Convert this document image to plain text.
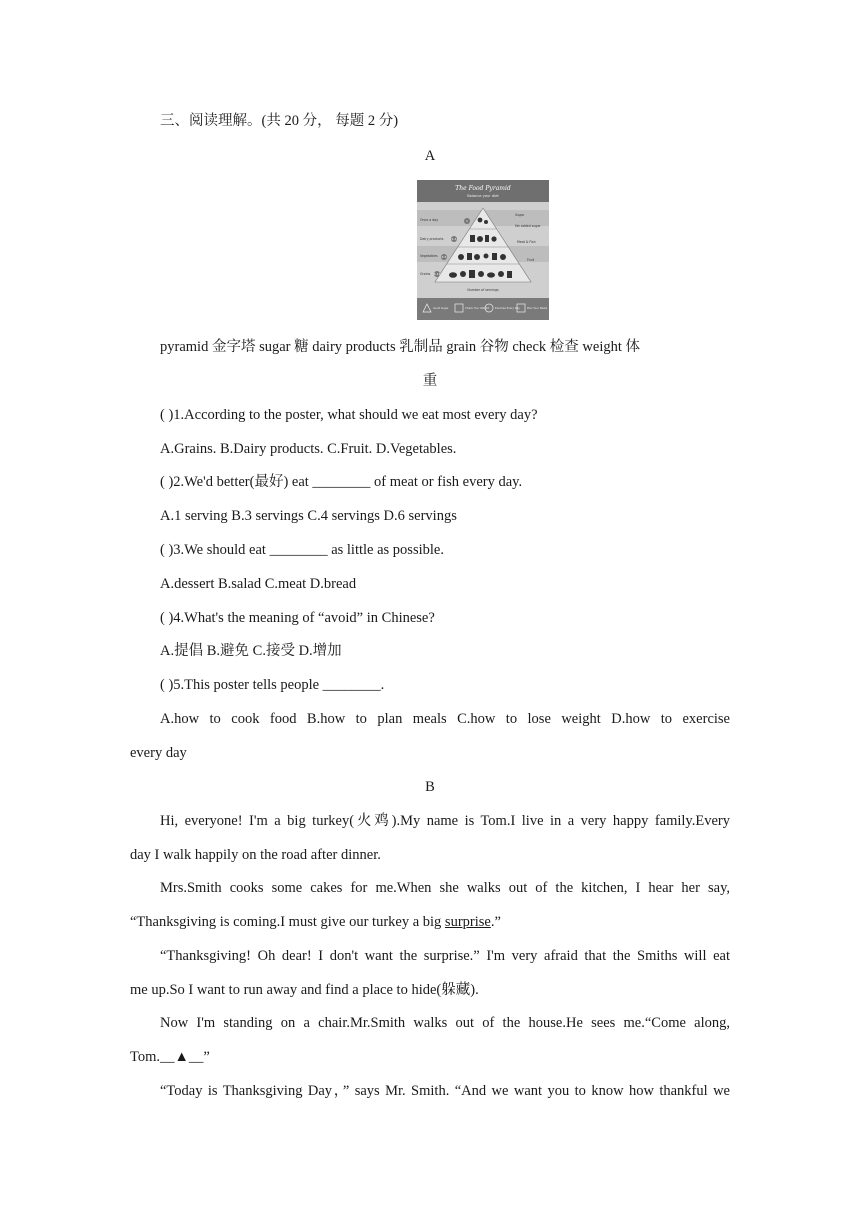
三、阅读理解。(共 20 分， 每题 2 分)
A
The Food Pyramid
Balance your diet
Once a day
Dairy products
Vegetables
Grains
Sugar
Fat added sugar
Meat & Fish
Fruit
Number of servings
1
2-3
3-5
6-11
Avoid Sugar	Check Your Weight Exercise Every Day	Plan Your Meals
pyramid 金字塔 sugar 糖 dairy products 乳制品 grain 谷物 check 检查 weight 体
重
( )1.According to the poster, what should we eat most every day?
A.Grains. B.Dairy products. C.Fruit. D.Vegetables.
( )2.We'd better(最好) eat ________ of meat or fish every day.
A.1 serving B.3 servings C.4 servings D.6 servings
( )3.We should eat ________ as little as possible.
A.dessert B.salad C.meat D.bread
( )4.What's the meaning of “avoid” in Chinese?
A.提倡 B.避免 C.接受 D.增加
( )5.This poster tells people ________.
A.how to cook food B.how to plan meals C.how to lose weight D.how to exercise
every day
B
Hi, everyone! I'm a big turkey(火鸡).My name is Tom.I live in a very happy family.Every
day I walk happily on the road after dinner.
Mrs.Smith cooks some cakes for me.When she walks out of the kitchen, I hear her say,
“Thanksgiving is coming.I must give our turkey a big surprise.”
“Thanksgiving! Oh dear! I don't want the surprise.” I'm very afraid that the Smiths will eat
me up.So I want to run away and find a place to hide(躲藏).
Now I'm standing on a chair.Mr.Smith walks out of the house.He sees me.“Come along,
Tom.__▲__”
“Today is Thanksgiving Day，” says Mr. Smith. “And we want you to know how thankful we
